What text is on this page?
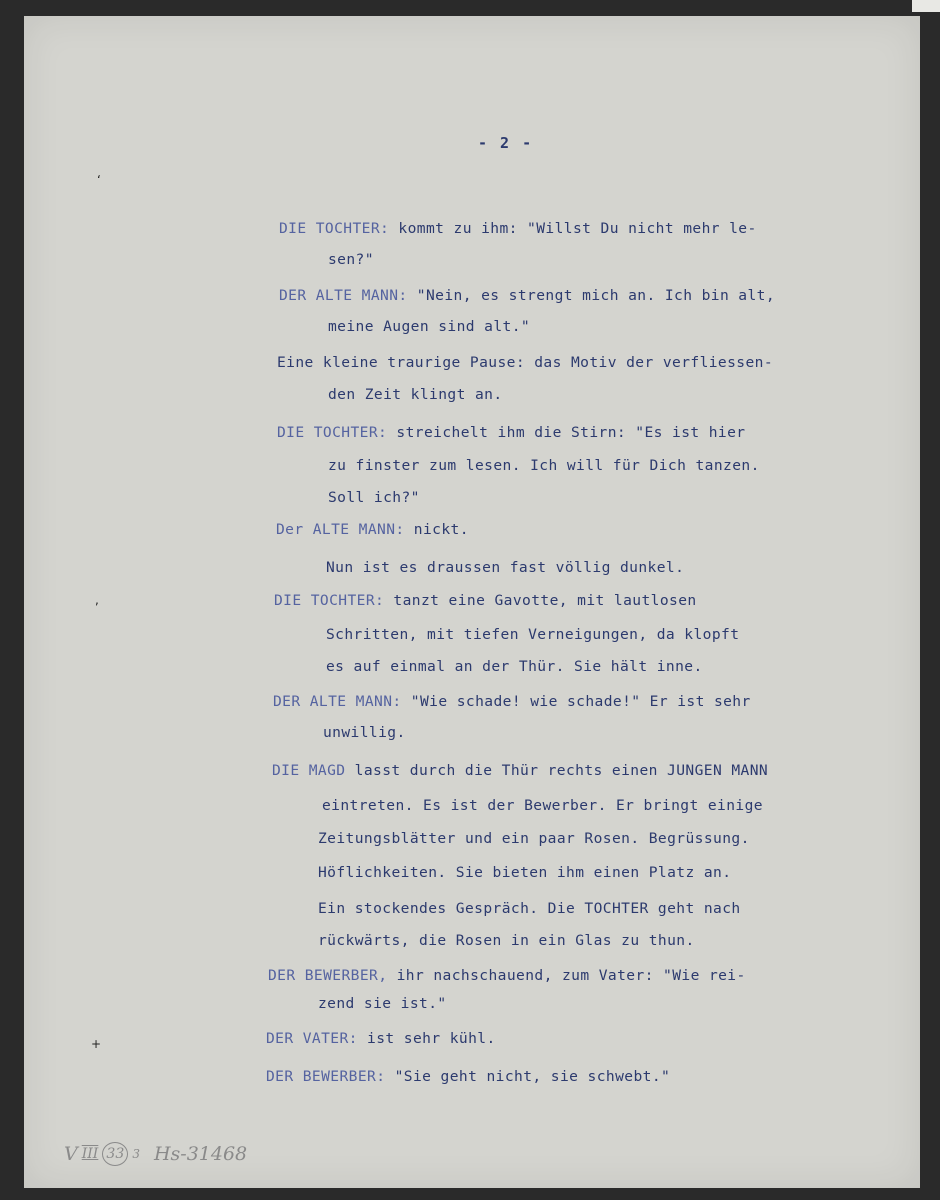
- 2 -
‘
,
+
DIE TOCHTER: kommt zu ihm: "Willst Du nicht mehr le-
sen?"
DER ALTE MANN: "Nein, es strengt mich an. Ich bin alt,
meine Augen sind alt."
Eine kleine traurige Pause: das Motiv der verfliessen-
den Zeit klingt an.
DIE TOCHTER: streichelt ihm die Stirn: "Es ist hier
zu finster zum lesen. Ich will für Dich tanzen.
Soll ich?"
Der ALTE MANN: nickt.
Nun ist es draussen fast völlig dunkel.
DIE TOCHTER: tanzt eine Gavotte, mit lautlosen
Schritten, mit tiefen Verneigungen, da klopft
es auf einmal an der Thür. Sie hält inne.
DER ALTE MANN: "Wie schade! wie schade!" Er ist sehr
unwillig.
DIE MAGD lasst durch die Thür rechts einen JUNGEN MANN
eintreten. Es ist der Bewerber. Er bringt einige
Zeitungsblätter und ein paar Rosen. Begrüssung.
Höflichkeiten. Sie bieten ihm einen Platz an.
Ein stockendes Gespräch. Die TOCHTER geht nach
rückwärts, die Rosen in ein Glas zu thun.
DER BEWERBER, ihr nachschauend, zum Vater: "Wie rei-
zend sie ist."
DER VATER: ist sehr kühl.
DER BEWERBER: "Sie geht nicht, sie schwebt."
V III 33 3 Hs-31468
